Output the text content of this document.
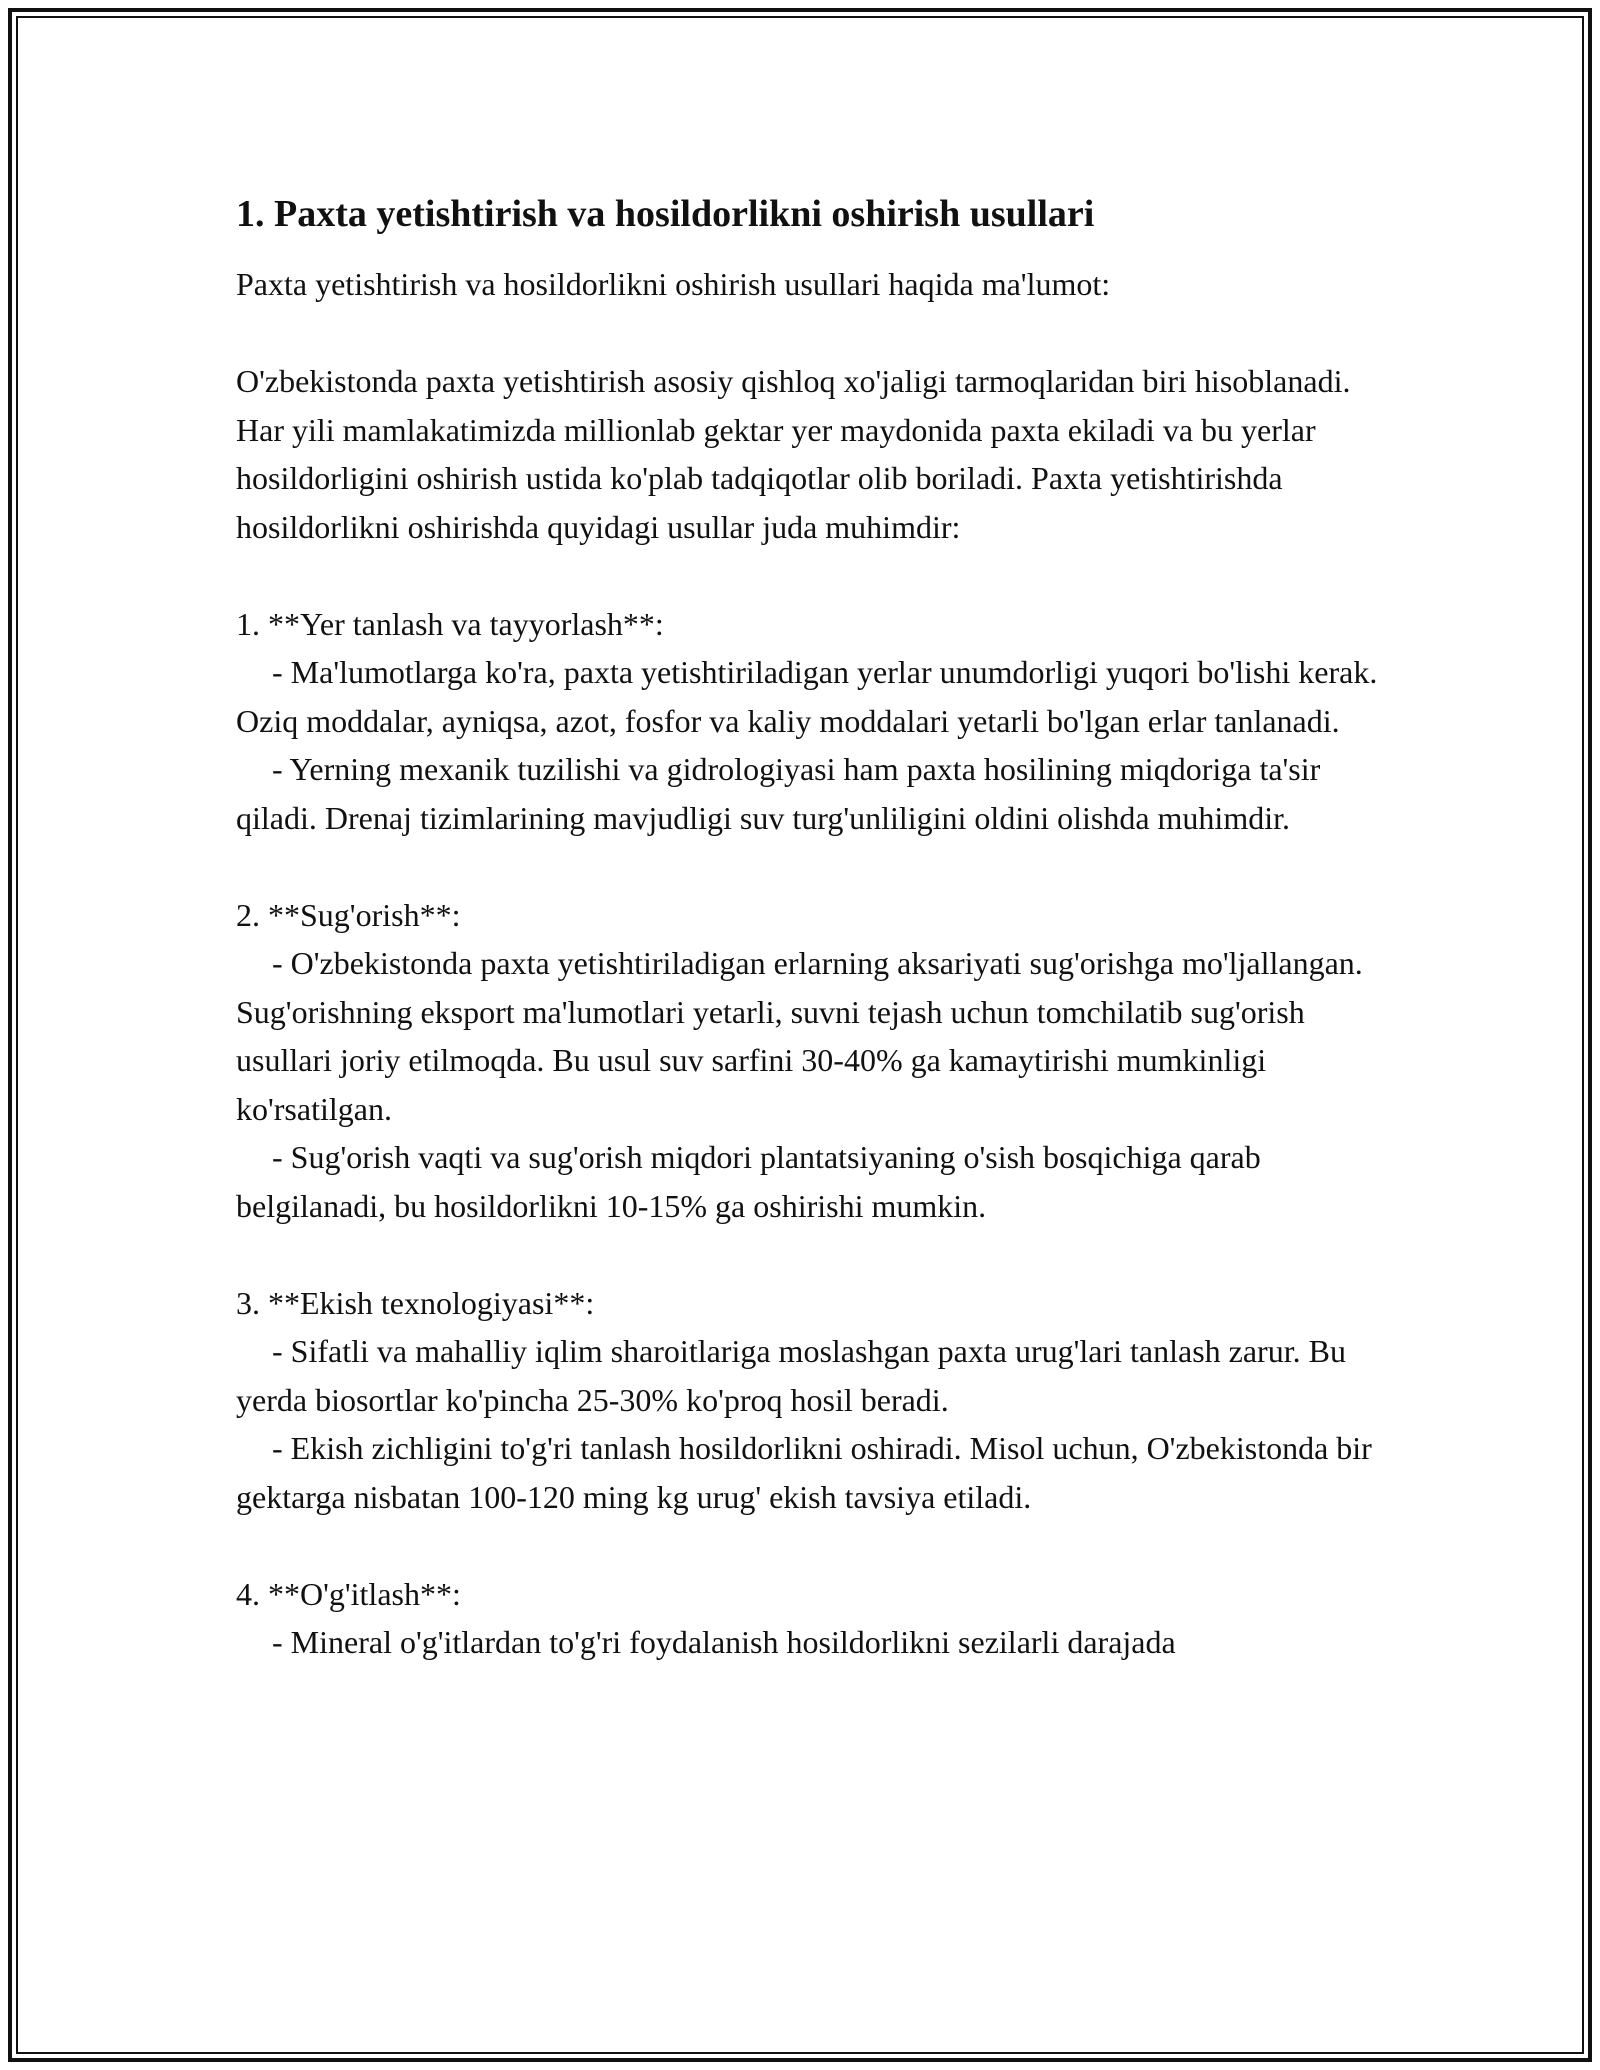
1. Paxta yetishtirish va hosildorlikni oshirish usullari

Paxta yetishtirish va hosildorlikni oshirish usullari haqida ma'lumot:

O'zbekistonda paxta yetishtirish asosiy qishloq xo'jaligi tarmoqlaridan biri hisoblanadi. Har yili mamlakatimizda millionlab gektar yer maydonida paxta ekiladi va bu yerlar hosildorligini oshirish ustida ko'plab tadqiqotlar olib boriladi. Paxta yetishtirishda hosildorlikni oshirishda quyidagi usullar juda muhimdir:

1. **Yer tanlash va tayyorlash**:

- Ma'lumotlarga ko'ra, paxta yetishtiriladigan yerlar unumdorligi yuqori bo'lishi kerak. Oziq moddalar, ayniqsa, azot, fosfor va kaliy moddalari yetarli bo'lgan erlar tanlanadi.

- Yerning mexanik tuzilishi va gidrologiyasi ham paxta hosilining miqdoriga ta'sir qiladi. Drenaj tizimlarining mavjudligi suv turg'unliligini oldini olishda muhimdir.

2. **Sug'orish**:

- O'zbekistonda paxta yetishtiriladigan erlarning aksariyati sug'orishga mo'ljallangan. Sug'orishning eksport ma'lumotlari yetarli, suvni tejash uchun tomchilatib sug'orish usullari joriy etilmoqda. Bu usul suv sarfini 30-40% ga kamaytirishi mumkinligi ko'rsatilgan.

- Sug'orish vaqti va sug'orish miqdori plantatsiyaning o'sish bosqichiga qarab belgilanadi, bu hosildorlikni 10-15% ga oshirishi mumkin.

3. **Ekish texnologiyasi**:

- Sifatli va mahalliy iqlim sharoitlariga moslashgan paxta urug'lari tanlash zarur. Bu yerda biosortlar ko'pincha 25-30% ko'proq hosil beradi.

- Ekish zichligini to'g'ri tanlash hosildorlikni oshiradi. Misol uchun, O'zbekistonda bir gektarga nisbatan 100-120 ming kg urug' ekish tavsiya etiladi.

4. **O'g'itlash**:

- Mineral o'g'itlardan to'g'ri foydalanish hosildorlikni sezilarli darajada
